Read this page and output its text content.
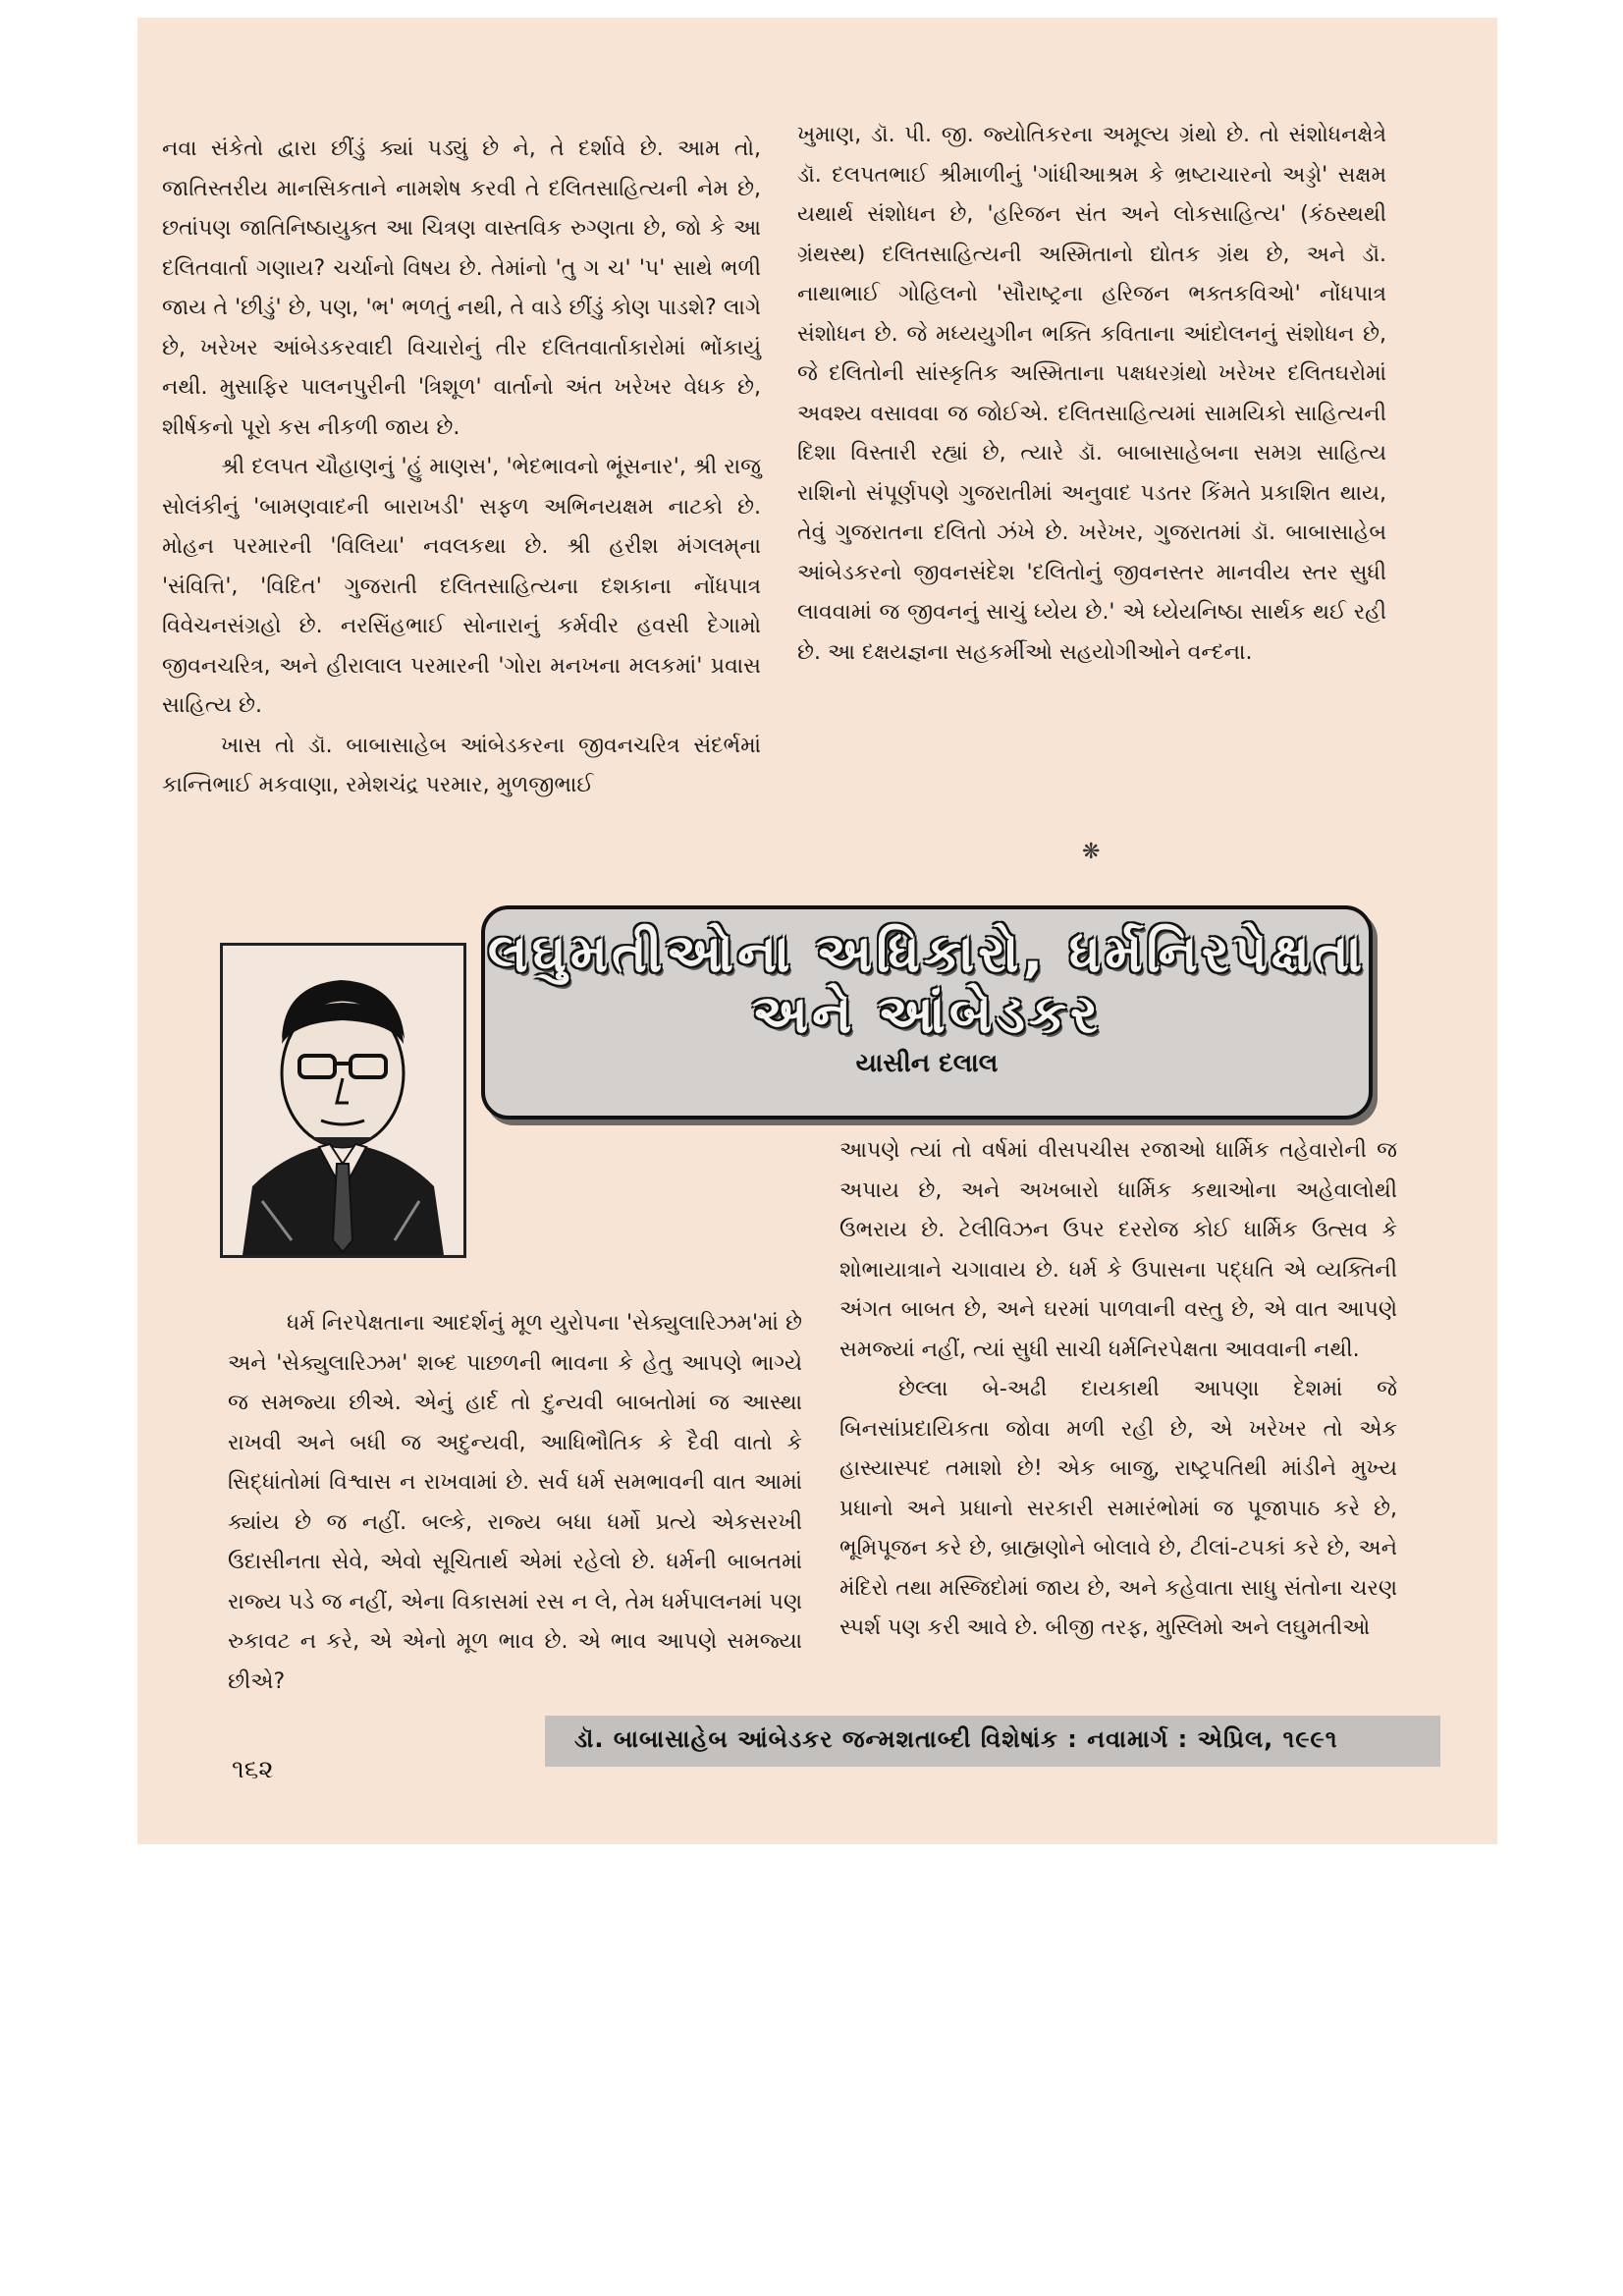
નવા સંકેતો દ્વારા છીંડું ક્યાં પડ્યું છે ને, તે દર્શાવે છે. આમ તો, જાતિસ્તરીય માનસિકતાને નામશેષ કરવી તે દલિતસાહિત્યની નેમ છે, છતાંપણ જાતિનિષ્ઠાયુક્ત આ ચિત્રણ વાસ્તવિક રુગ્ણતા છે, જો કે આ દલિતવાર્તા ગણાય? ચર્ચાનો વિષય છે. તેમાંનો 'તુ ગ ચ' 'પ' સાથે ભળી જાય તે 'છીડું' છે, પણ, 'ભ' ભળતું નથી, તે વાડે છીંડું કોણ પાડશે? લાગે છે, ખરેખર આંબેડકરવાદી વિચારોનું તીર દલિતવાર્તાકારોમાં ભોંકાયું નથી. મુસાફિર પાલનપુરીની 'ત્રિશૂળ' વાર્તાનો અંત ખરેખર વેધક છે, શીર્ષકનો પૂરો કસ નીકળી જાય છે.

શ્રી દલપત ચૌહાણનું 'હું માણસ', 'ભેદભાવનો ભૂંસનાર', શ્રી રાજુ સોલંકીનું 'બામણવાદની બારાખડી' સફળ અભિનયક્ષમ નાટકો છે. મોહન પરમારની 'વિલિયા' નવલકથા છે. શ્રી હરીશ મંગલમ્‌ના 'સંવિત્તિ', 'વિદિત' ગુજરાતી દલિતસાહિત્યના દશકાના નોંધપાત્ર વિવેચનસંગ્રહો છે. નરસિંહભાઈ સોનારાનું કર્મવીર હવસી દેગામો જીવનચરિત્ર, અને હીરાલાલ પરમારની 'ગોરા મનખના મલકમાં' પ્રવાસ સાહિત્ય છે.

ખાસ તો ડૉ. બાબાસાહેબ આંબેડકરના જીવનચરિત્ર સંદર્ભમાં કાન્તિભાઈ મકવાણા, રમેશચંદ્ર પરમાર, મુળજીભાઈ

ખુમાણ, ડૉ. પી. જી. જ્યોતિકરના અમૂલ્ય ગ્રંથો છે. તો સંશોધનક્ષેત્રે ડૉ. દલપતભાઈ શ્રીમાળીનું 'ગાંધીઆશ્રમ કે ભ્રષ્ટાચારનો અડ્ડો' સક્ષમ યથાર્થ સંશોધન છે, 'હરિજન સંત અને લોકસાહિત્ય' (કંઠસ્થથી ગ્રંથસ્થ) દલિતસાહિત્યની અસ્મિતાનો દ્યોતક ગ્રંથ છે, અને ડૉ. નાથાભાઈ ગોહિલનો 'સૌરાષ્ટ્રના હરિજન ભક્તકવિઓ' નોંધપાત્ર સંશોધન છે. જે મધ્યયુગીન ભક્તિ કવિતાના આંદોલનનું સંશોધન છે, જે દલિતોની સાંસ્કૃતિક અસ્મિતાના પક્ષધરગ્રંથો ખરેખર દલિતઘરોમાં અવશ્ય વસાવવા જ જોઈએ. દલિતસાહિત્યમાં સામયિકો સાહિત્યની દિશા વિસ્તારી રહ્યાં છે, ત્યારે ડૉ. બાબાસાહેબના સમગ્ર સાહિત્ય રાશિનો સંપૂર્ણપણે ગુજરાતીમાં અનુવાદ પડતર કિંમતે પ્રકાશિત થાય, તેવું ગુજરાતના દલિતો ઝંખે છે. ખરેખર, ગુજરાતમાં ડૉ. બાબાસાહેબ આંબેડકરનો જીવનસંદેશ 'દલિતોનું જીવનસ્તર માનવીય સ્તર સુધી લાવવામાં જ જીવનનું સાચું ધ્યેય છે.' એ ધ્યેયનિષ્ઠા સાર્થક થઈ રહી છે. આ દક્ષયજ્ઞના સહકર્મીઓ સહયોગીઓને વન્દના.

❋
લઘુમતીઓના અધિકારો, ધર્મનિરપેક્ષતા
અને આંબેડકર
યાસીન દલાલ

આપણે ત્યાં તો વર્ષમાં વીસપચીસ રજાઓ ધાર્મિક તહેવારોની જ અપાય છે, અને અખબારો ધાર્મિક કથાઓના અહેવાલોથી ઉભરાય છે. ટેલીવિઝન ઉપર દરરોજ કોઈ ધાર્મિક ઉત્સવ કે શોભાયાત્રાને ચગાવાય છે. ધર્મ કે ઉપાસના પદ્ધતિ એ વ્યક્તિની અંગત બાબત છે, અને ઘરમાં પાળવાની વસ્તુ છે, એ વાત આપણે સમજ્યાં નહીં, ત્યાં સુધી સાચી ધર્મનિરપેક્ષતા આવવાની નથી.

છેલ્લા બે-અઢી દાયકાથી આપણા દેશમાં જે બિનસાંપ્રદાયિકતા જોવા મળી રહી છે, એ ખરેખર તો એક હાસ્યાસ્પદ તમાશો છે! એક બાજુ, રાષ્ટ્રપતિથી માંડીને મુખ્ય પ્રધાનો અને પ્રધાનો સરકારી સમારંભોમાં જ પૂજાપાઠ કરે છે, ભૂમિપૂજન કરે છે, બ્રાહ્મણોને બોલાવે છે, ટીલાં-ટપકાં કરે છે, અને મંદિરો તથા મસ્જિદોમાં જાય છે, અને કહેવાતા સાધુ સંતોના ચરણ સ્પર્શ પણ કરી આવે છે. બીજી તરફ, મુસ્લિમો અને લઘુમતીઓ

ધર્મ નિરપેક્ષતાના આદર્શનું મૂળ યુરોપના 'સેક્યુલારિઝમ'માં છે અને 'સેક્યુલારિઝમ' શબ્દ પાછળની ભાવના કે હેતુ આપણે ભાગ્યે જ સમજ્યા છીએ. એનું હાર્દ તો દુન્યવી બાબતોમાં જ આસ્થા રાખવી અને બધી જ અદુન્યવી, આધિભૌતિક કે દૈવી વાતો કે સિદ્ધાંતોમાં વિશ્વાસ ન રાખવામાં છે. સર્વ ધર્મ સમભાવની વાત આમાં ક્યાંય છે જ નહીં. બલ્કે, રાજ્ય બધા ધર્મો પ્રત્યે એકસરખી ઉદાસીનતા સેવે, એવો સૂચિતાર્થ એમાં રહેલો છે. ધર્મની બાબતમાં રાજ્ય પડે જ નહીં, એના વિકાસમાં રસ ન લે, તેમ ધર્મપાલનમાં પણ રુકાવટ ન કરે, એ એનો મૂળ ભાવ છે. એ ભાવ આપણે સમજ્યા છીએ?

ડૉ. બાબાસાહેબ આંબેડકર જન્મશતાબ્દી વિશેષાંક : નવામાર્ગ : એપ્રિલ, ૧૯૯૧
૧૬૨
